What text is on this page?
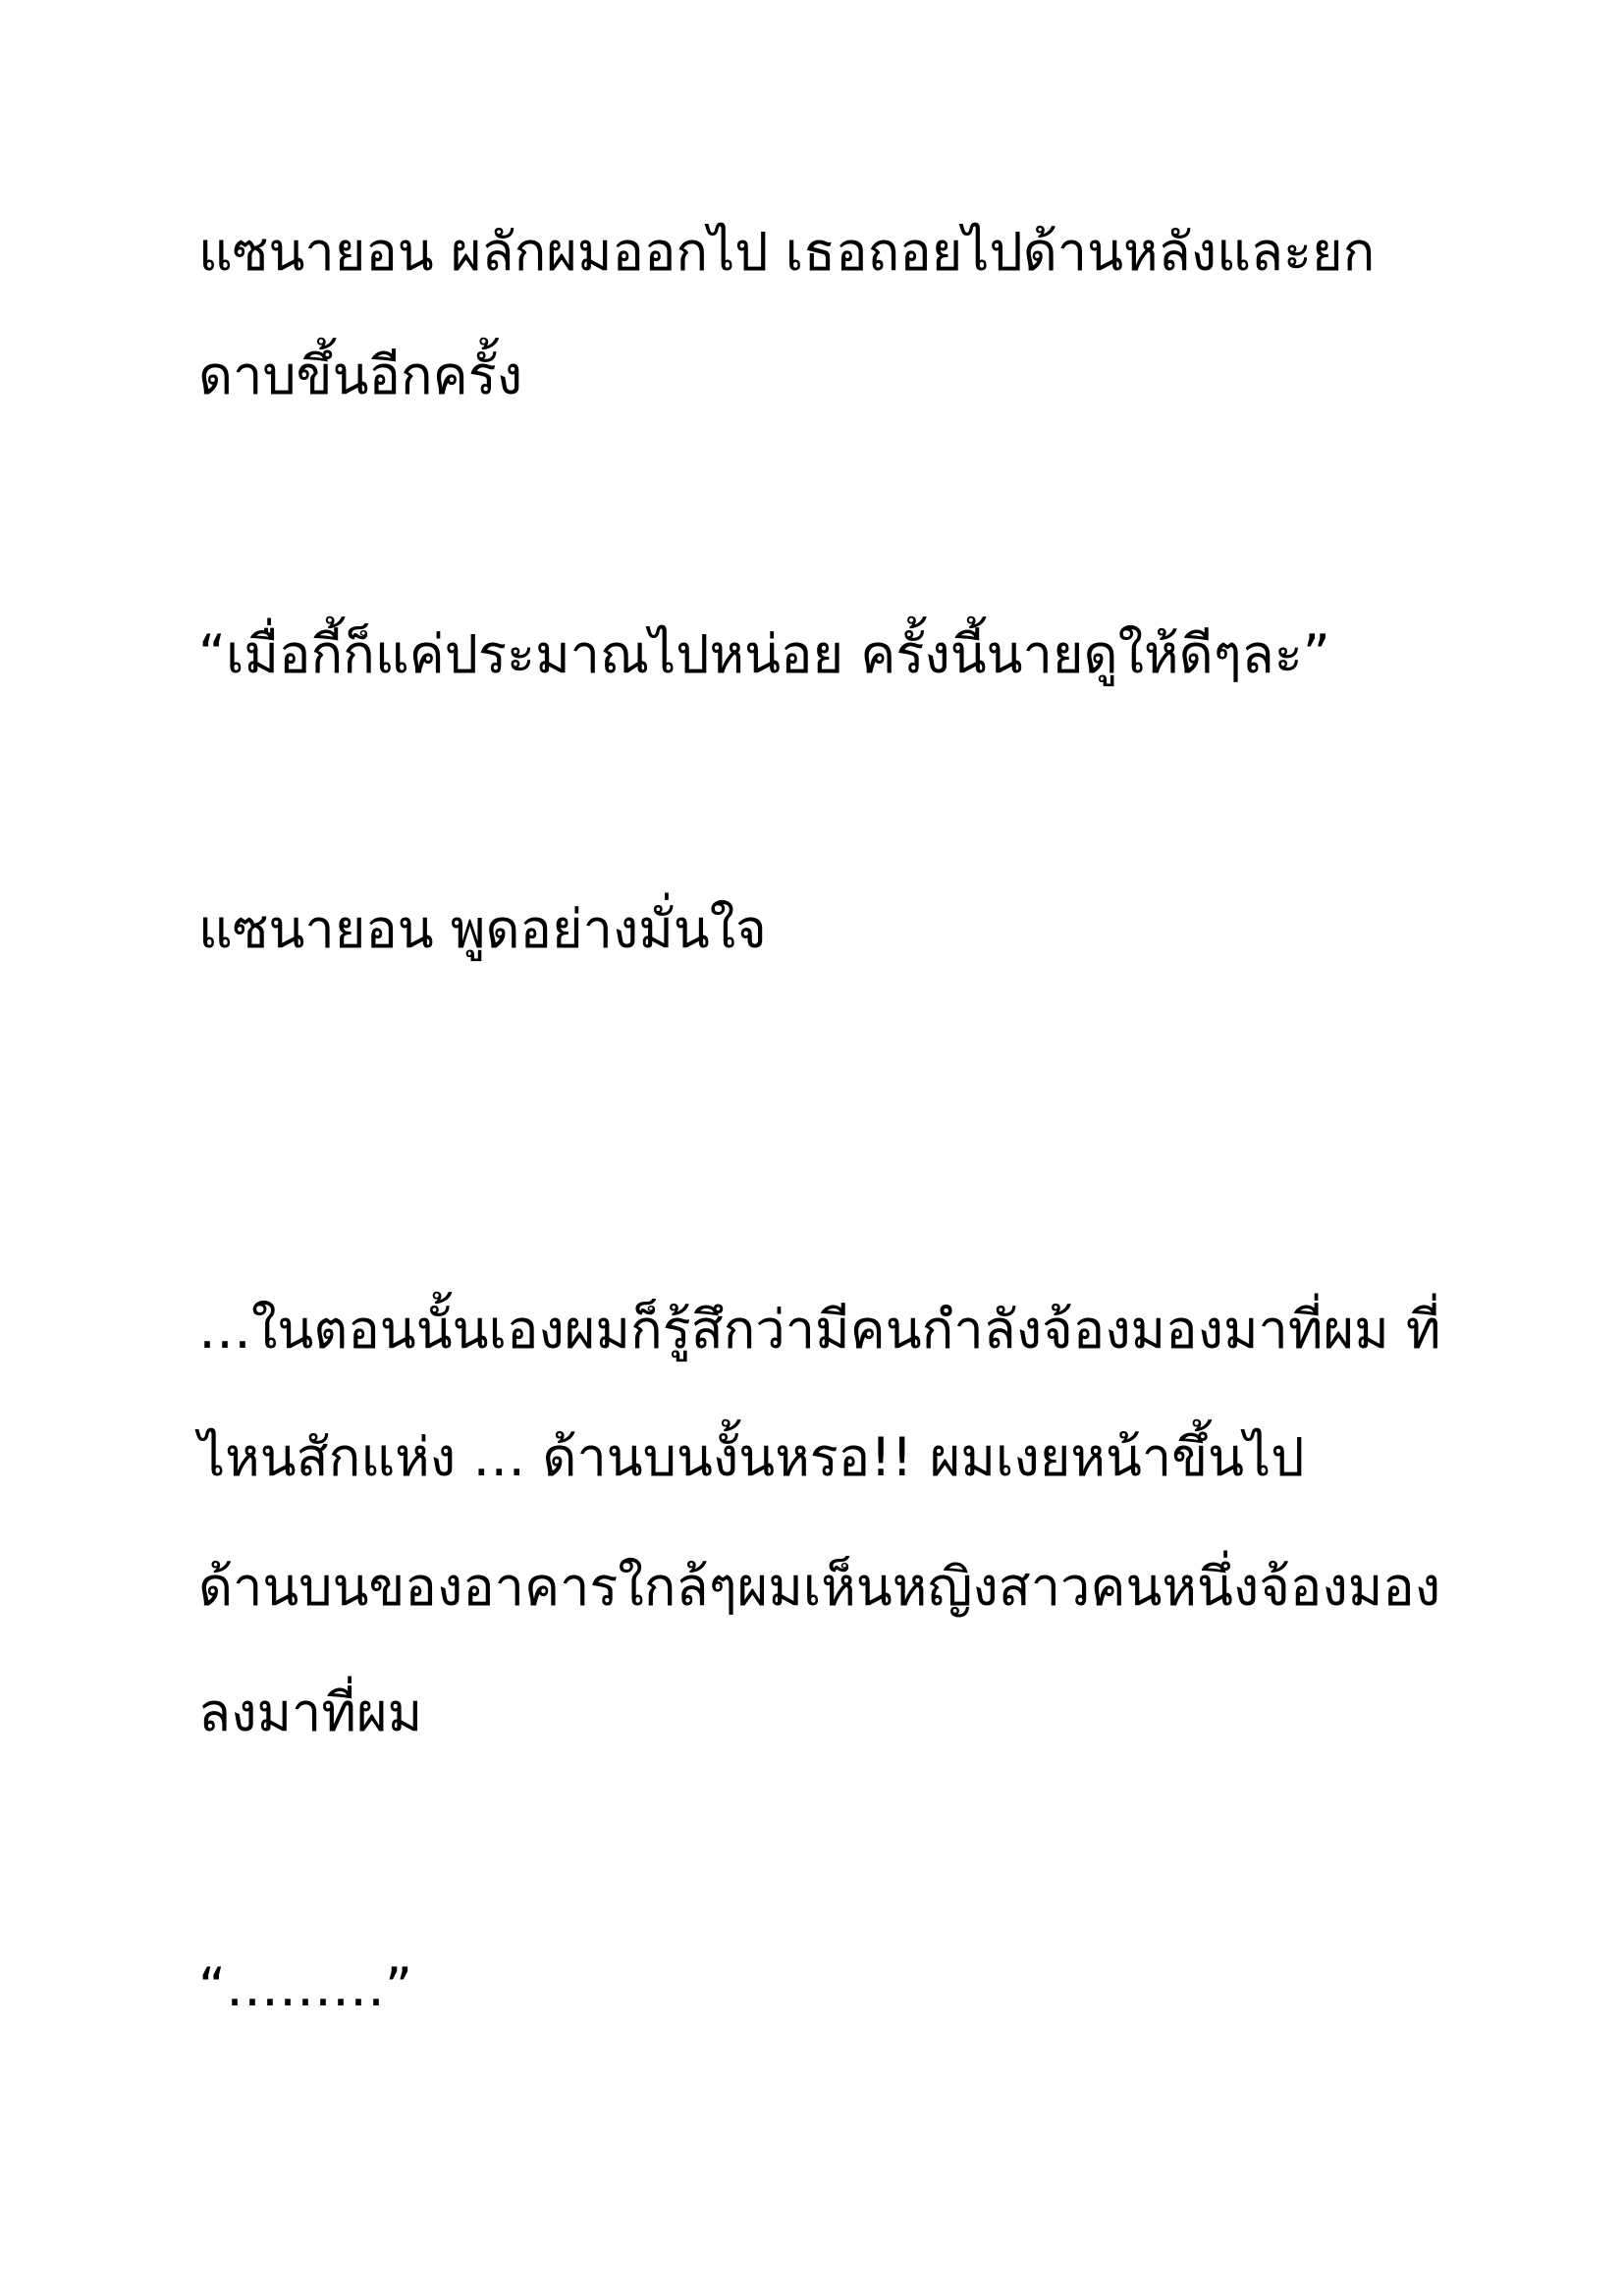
แซนายอน ผลักผมออกไป เธอถอยไปด้านหลังและยก
ดาบขึ้นอีกครั้ง
“เมื่อกี้ก็แค่ประมาณไปหน่อย ครั้งนี้นายดูให้ดีๆละ”
แซนายอน พูดอย่างมั่นใจ
…ในตอนนั้นเองผมก็รู้สึกว่ามีคนกำลังจ้องมองมาที่ผม ที่
ไหนสักแห่ง … ด้านบนงั้นหรอ!! ผมเงยหน้าขึ้นไป
ด้านบนของอาคารใกล้ๆผมเห็นหญิงสาวคนหนึ่งจ้องมอง
ลงมาที่ผม
“………”
